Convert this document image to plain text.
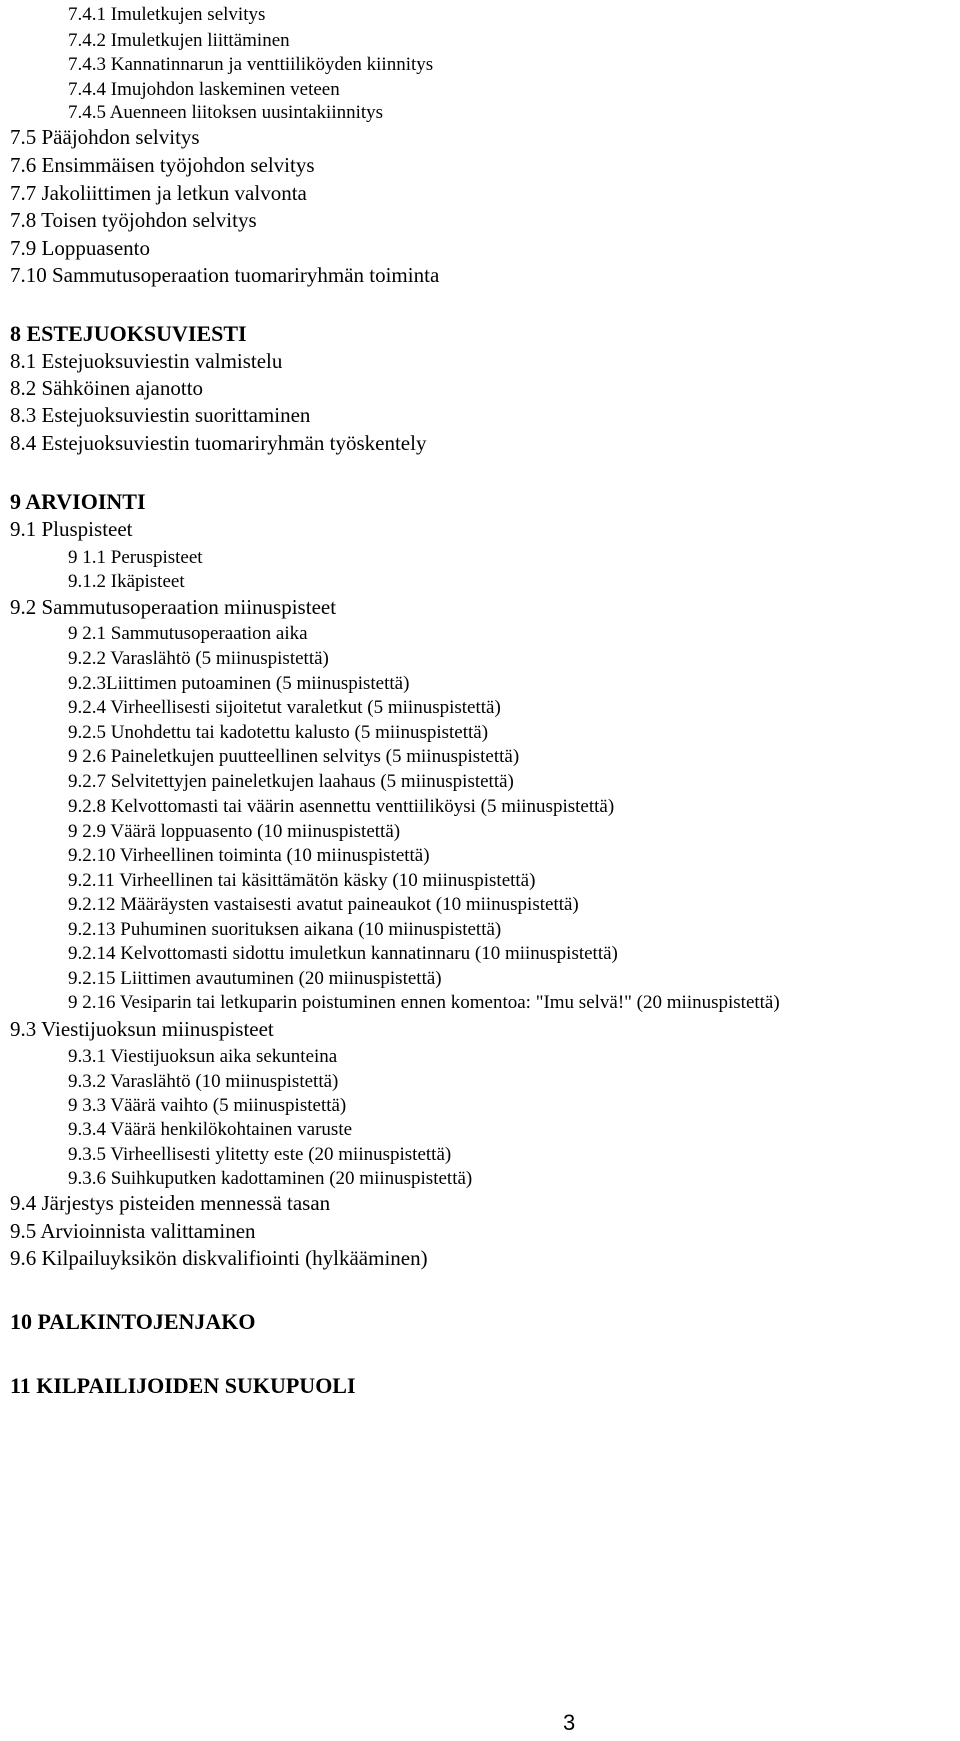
7.4.1 Imuletkujen selvitys
7.4.2 Imuletkujen liittäminen
7.4.3 Kannatinnarun ja venttiiliköyden kiinnitys
7.4.4 Imujohdon laskeminen veteen
7.4.5 Auenneen liitoksen uusintakiinnitys
7.5 Pääjohdon selvitys
7.6 Ensimmäisen työjohdon selvitys
7.7 Jakoliittimen ja letkun valvonta
7.8 Toisen työjohdon selvitys
7.9 Loppuasento
7.10 Sammutusoperaation tuomariryhmän toiminta
8 ESTEJUOKSUVIESTI
8.1 Estejuoksuviestin valmistelu
8.2 Sähköinen ajanotto
8.3 Estejuoksuviestin suorittaminen
8.4 Estejuoksuviestin tuomariryhmän työskentely
9 ARVIOINTI
9.1 Pluspisteet
9 1.1 Peruspisteet
9.1.2 Ikäpisteet
9.2 Sammutusoperaation miinuspisteet
9 2.1 Sammutusoperaation aika
9.2.2 Varaslähtö (5 miinuspistettä)
9.2.3Liittimen putoaminen (5 miinuspistettä)
9.2.4 Virheellisesti sijoitetut varaletkut (5 miinuspistettä)
9.2.5 Unohdettu tai kadotettu kalusto (5 miinuspistettä)
9 2.6 Paineletkujen puutteellinen selvitys (5 miinuspistettä)
9.2.7 Selvitettyjen paineletkujen laahaus (5 miinuspistettä)
9.2.8 Kelvottomasti tai väärin asennettu venttiiliköysi (5 miinuspistettä)
9 2.9 Väärä loppuasento (10 miinuspistettä)
9.2.10 Virheellinen toiminta (10 miinuspistettä)
9.2.11 Virheellinen tai käsittämätön käsky (10 miinuspistettä)
9.2.12 Määräysten vastaisesti avatut paineaukot (10 miinuspistettä)
9.2.13 Puhuminen suorituksen aikana (10 miinuspistettä)
9.2.14 Kelvottomasti sidottu imuletkun kannatinnaru (10 miinuspistettä)
9.2.15 Liittimen avautuminen (20 miinuspistettä)
9 2.16 Vesiparin tai letkuparin poistuminen ennen komentoa: "Imu selvä!" (20 miinuspistettä)
9.3 Viestijuoksun miinuspisteet
9.3.1 Viestijuoksun aika sekunteina
9.3.2 Varaslähtö (10 miinuspistettä)
9 3.3 Väärä vaihto (5 miinuspistettä)
9.3.4 Väärä henkilökohtainen varuste
9.3.5 Virheellisesti ylitetty este (20 miinuspistettä)
9.3.6 Suihkuputken kadottaminen (20 miinuspistettä)
9.4 Järjestys pisteiden mennessä tasan
9.5 Arvioinnista valittaminen
9.6 Kilpailuyksikön diskvalifiointi (hylkääminen)
10 PALKINTOJENJAKO
11 KILPAILIJOIDEN SUKUPUOLI
3
